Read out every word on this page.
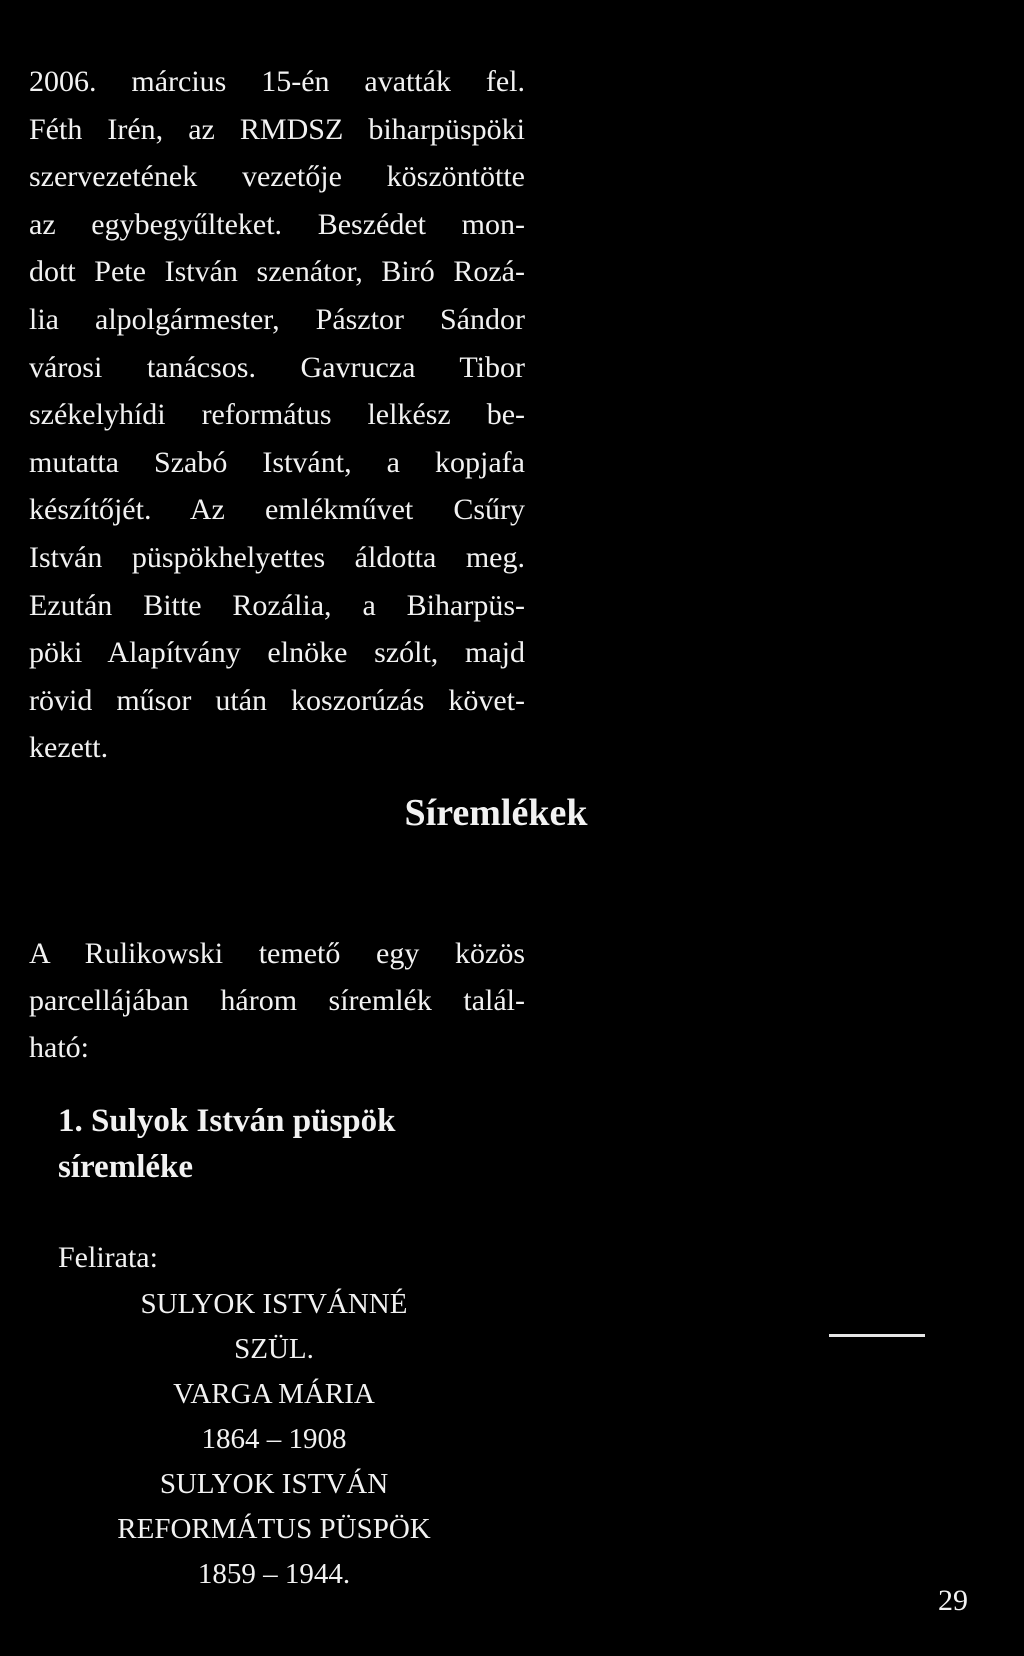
2006. március 15-én avatták fel.
Féth Irén, az RMDSZ biharpüspöki
szervezetének vezetője köszöntötte
az egybegyűlteket. Beszédet mon-
dott Pete István szenátor, Biró Rozá-
lia alpolgármester, Pásztor Sándor
városi tanácsos. Gavrucza Tibor
székelyhídi református lelkész be-
mutatta Szabó Istvánt, a kopjafa
készítőjét. Az emlékművet Csűry
István püspökhelyettes áldotta meg.
Ezután Bitte Rozália, a Biharpüs-
pöki Alapítvány elnöke szólt, majd
rövid műsor után koszorúzás követ-
kezett.
Síremlékek
A Rulikowski temető egy közös
parcellájában három síremlék talál-
ható:
1. Sulyok István püspök
síremléke
Felirata:
SULYOK ISTVÁNNÉ
SZÜL.
VARGA MÁRIA
1864 – 1908
SULYOK ISTVÁN
REFORMÁTUS PÜSPÖK
1859 – 1944.
29
